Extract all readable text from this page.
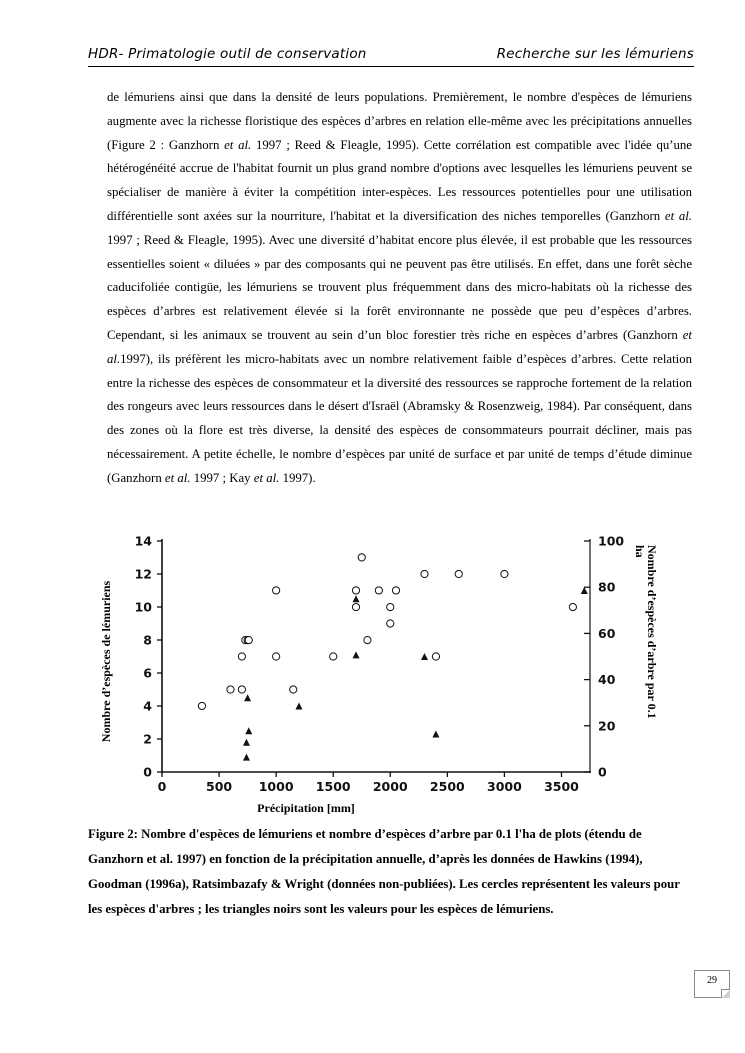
HDR- Primatologie outil de conservation	Recherche sur les lémuriens

de lémuriens ainsi que dans la densité de leurs populations. Premièrement, le nombre d'espèces de lémuriens augmente avec la richesse floristique des espèces d’arbres en relation elle-même avec les précipitations annuelles (Figure 2 : Ganzhorn et al. 1997 ; Reed & Fleagle, 1995). Cette corrélation est compatible avec l'idée qu’une hétérogénéité accrue de l'habitat fournit un plus grand nombre d'options avec lesquelles les lémuriens peuvent se spécialiser de manière à éviter la compétition inter-espèces. Les ressources potentielles pour une utilisation différentielle sont axées sur la nourriture, l'habitat et la diversification des niches temporelles (Ganzhorn et al. 1997 ; Reed & Fleagle, 1995). Avec une diversité d’habitat encore plus élevée, il est probable que les ressources essentielles soient « diluées » par des composants qui ne peuvent pas être utilisés. En effet, dans une forêt sèche caducifoliée contigüe, les lémuriens se trouvent plus fréquemment dans des micro-habitats où la richesse des espèces d’arbres est relativement élevée si la forêt environnante ne possède que peu d’espèces d’arbres. Cependant, si les animaux se trouvent au sein d’un bloc forestier très riche en espèces d’arbres (Ganzhorn et al.1997), ils préfèrent les micro-habitats avec un nombre relativement faible d’espèces d’arbres. Cette relation entre la richesse des espèces de consommateur et la diversité des ressources se rapproche fortement de la relation des rongeurs avec leurs ressources dans le désert d'Israël (Abramsky & Rosenzweig, 1984). Par conséquent, dans des zones où la flore est très diverse, la densité des espèces de consommateurs pourrait décliner, mais pas nécessairement. A petite échelle, le nombre d’espèces par unité de surface et par unité de temps d’étude diminue (Ganzhorn et al. 1997 ; Kay et al. 1997).

0	500 1000 1500 2000 2500 3000 3500
0
2
4
6
8
10
12
14
0
20
40
60
80
100
Précipitation [mm]
Nombre d’espèces de lémuriens	Nombre d’espèces d’arbre par 0.1
ha

Figure 2: Nombre d'espèces de lémuriens et nombre d’espèces d’arbre par 0.1 l'ha de plots (étendu de Ganzhorn et al. 1997) en fonction de la précipitation annuelle, d’après les données de Hawkins (1994), Goodman (1996a), Ratsimbazafy & Wright (données non-publiées). Les cercles représentent les valeurs pour les espèces d'arbres ; les triangles noirs sont les valeurs pour les espèces de lémuriens.

29
